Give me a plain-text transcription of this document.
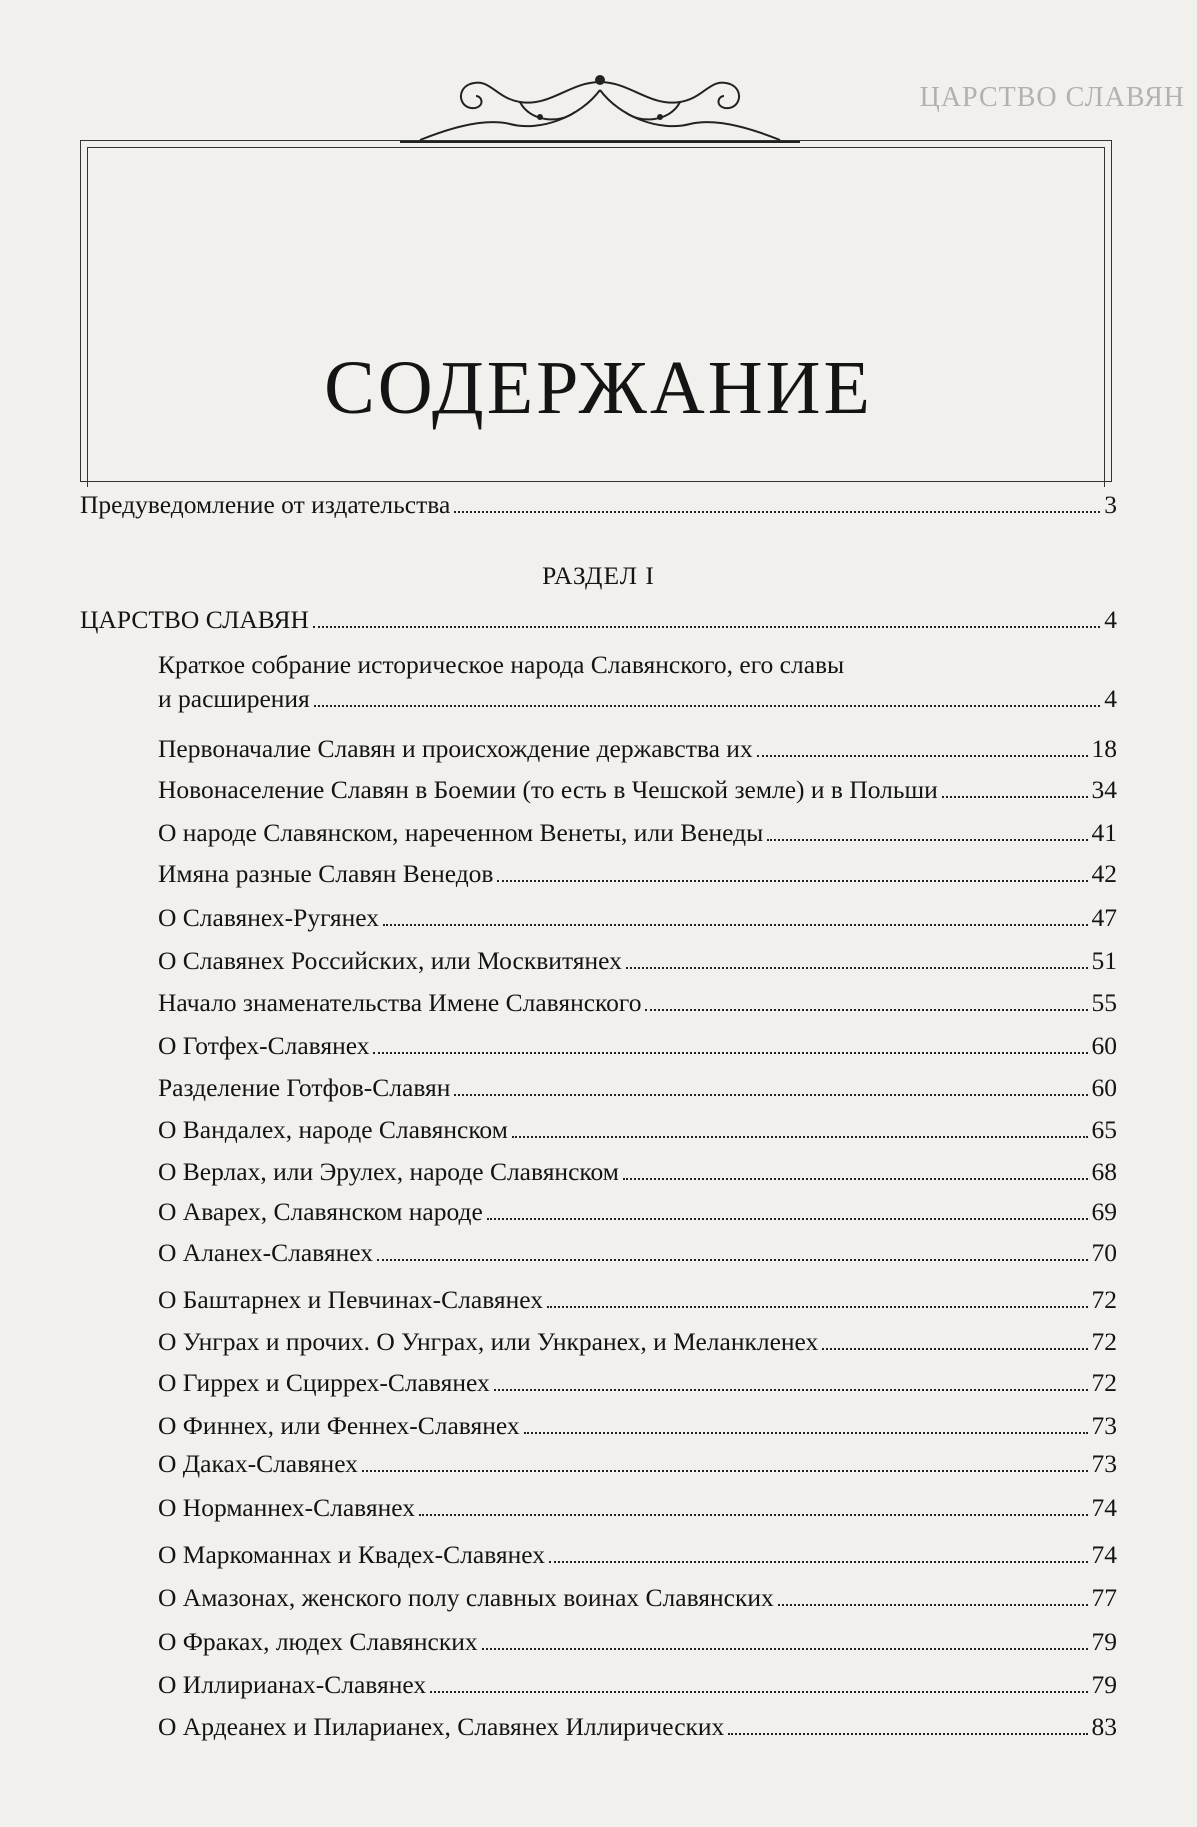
ЦАРСТВО СЛАВЯН
СОДЕРЖАНИЕ
Предуведомление от издательства	3
РАЗДЕЛ I
ЦАРСТВО СЛАВЯН	4
Краткое собрание историческое народа Славянского, его славы
и расширения	4
Первоначалие Славян и происхождение державства их	18
Новонаселение Славян в Боемии (то есть в Чешской земле) и в Польши	34
О народе Славянском, нареченном Венеты, или Венеды	41
Имяна разные Славян Венедов	42
О Славянех-Ругянех	47
О Славянех Российских, или Москвитянех	51
Начало знаменательства Имене Славянского	55
О Готфех-Славянех	60
Разделение Готфов-Славян	60
О Вандалех, народе Славянском	65
О Верлах, или Эрулех, народе Славянском	68
О Аварех, Славянском народе	69
О Аланех-Славянех	70
О Баштарнех и Певчинах-Славянех	72
О Унграх и прочих. О Унграх, или Ункранех, и Меланкленех	72
О Гиррех и Сциррех-Славянех	72
О Финнех, или Феннех-Славянех	73
О Даках-Славянех	73
О Норманнех-Славянех	74
О Маркоманнах и Квадех-Славянех	74
О Амазонах, женского полу славных воинах Славянских	77
О Фраках, людех Славянских	79
О Иллирианах-Славянех	79
О Ардеанех и Пиларианех, Славянех Иллирических	83
